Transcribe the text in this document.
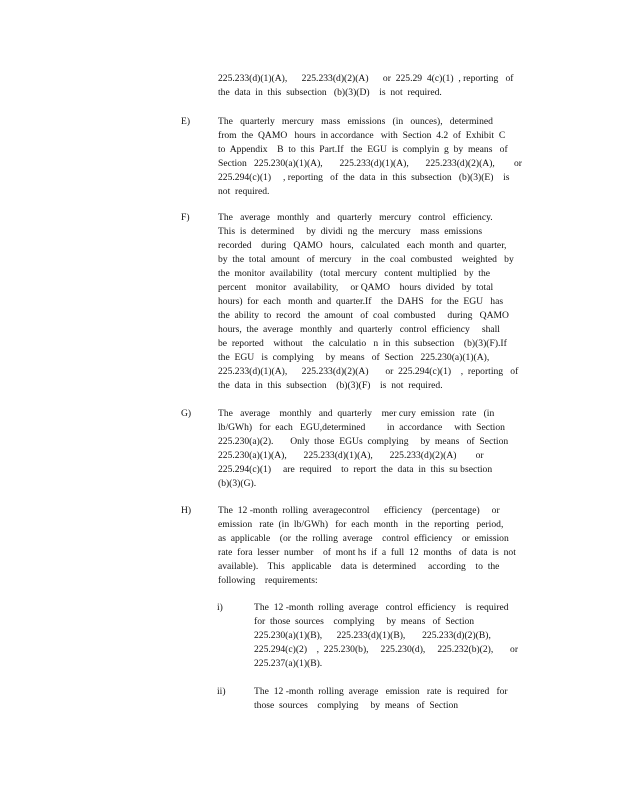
225.233(d)(1)(A),      225.233(d)(2)(A)      or  225.29  4(c)(1)  , reporting   of
the  data  in  this  subsection   (b)(3)(D)    is  not  required.
E)	The   quarterly   mercury   mass   emissions   (in   ounces),   determined
from  the  QAMO   hours  in accordance   with  Section  4.2  of  Exhibit  C
to  Appendix    B  to  this  Part.If   the  EGU  is  complyin  g  by  means   of
Section   225.230(a)(1)(A),       225.233(d)(1)(A),       225.233(d)(2)(A),        or
225.294(c)(1)     , reporting   of  the  data  in  this  subsection   (b)(3)(E)    is
not  required.
F)	The   average   monthly   and   quarterly   mercury   control   efficiency.
This  is  determined     by  dividi  ng  the  mercury    mass  emissions
recorded    during   QAMO   hours,   calculated   each  month  and  quarter,
by  the  total  amount   of  mercury    in  the  coal  combusted    weighted   by
the  monitor  availability   (total  mercury   content  multiplied   by  the
percent    monitor   availability,     or QAMO    hours  divided   by  total
hours)  for  each   month  and  quarter.If    the  DAHS   for  the  EGU   has
the  ability  to  record   the  amount   of  coal  combusted     during   QAMO
hours,  the  average   monthly   and  quarterly   control  efficiency     shall
be  reported    without    the  calculatio   n  in  this  subsection    (b)(3)(F).If
the  EGU   is  complying     by  means   of  Section   225.230(a)(1)(A),
225.233(d)(1)(A),      225.233(d)(2)(A)       or  225.294(c)(1)    ,  reporting   of
the  data  in  this  subsection    (b)(3)(F)    is  not  required.
G)	The   average    monthly   and  quarterly    mer cury  emission   rate   (in
lb/GWh)   for  each   EGU,determined         in  accordance     with  Section
225.230(a)(2).       Only  those  EGUs  complying     by  means   of  Section
225.230(a)(1)(A),       225.233(d)(1)(A),       225.233(d)(2)(A)        or
225.294(c)(1)     are  required    to  report  the  data  in  this  su bsection
(b)(3)(G).
H)	The  12 -month  rolling  averagecontrol      efficiency    (percentage)     or
emission   rate  (in  lb/GWh)   for  each  month   in  the  reporting   period,
as  applicable    (or  the  rolling  average    control  efficiency    or  emission
rate  fora  lesser  number    of  mont hs  if  a  full  12  months   of  data  is  not
available).    This   applicable    data  is  determined     according    to  the
following    requirements:
i)	The  12 -month  rolling  average   control  efficiency    is  required
for  those  sources    complying     by  means   of  Section
225.230(a)(1)(B),      225.233(d)(1)(B),       225.233(d)(2)(B),
225.294(c)(2)    ,  225.230(b),     225.230(d),     225.232(b)(2),       or
225.237(a)(1)(B).
ii)	The  12 -month  rolling  average   emission   rate  is  required   for
those  sources    complying     by  means   of  Section
